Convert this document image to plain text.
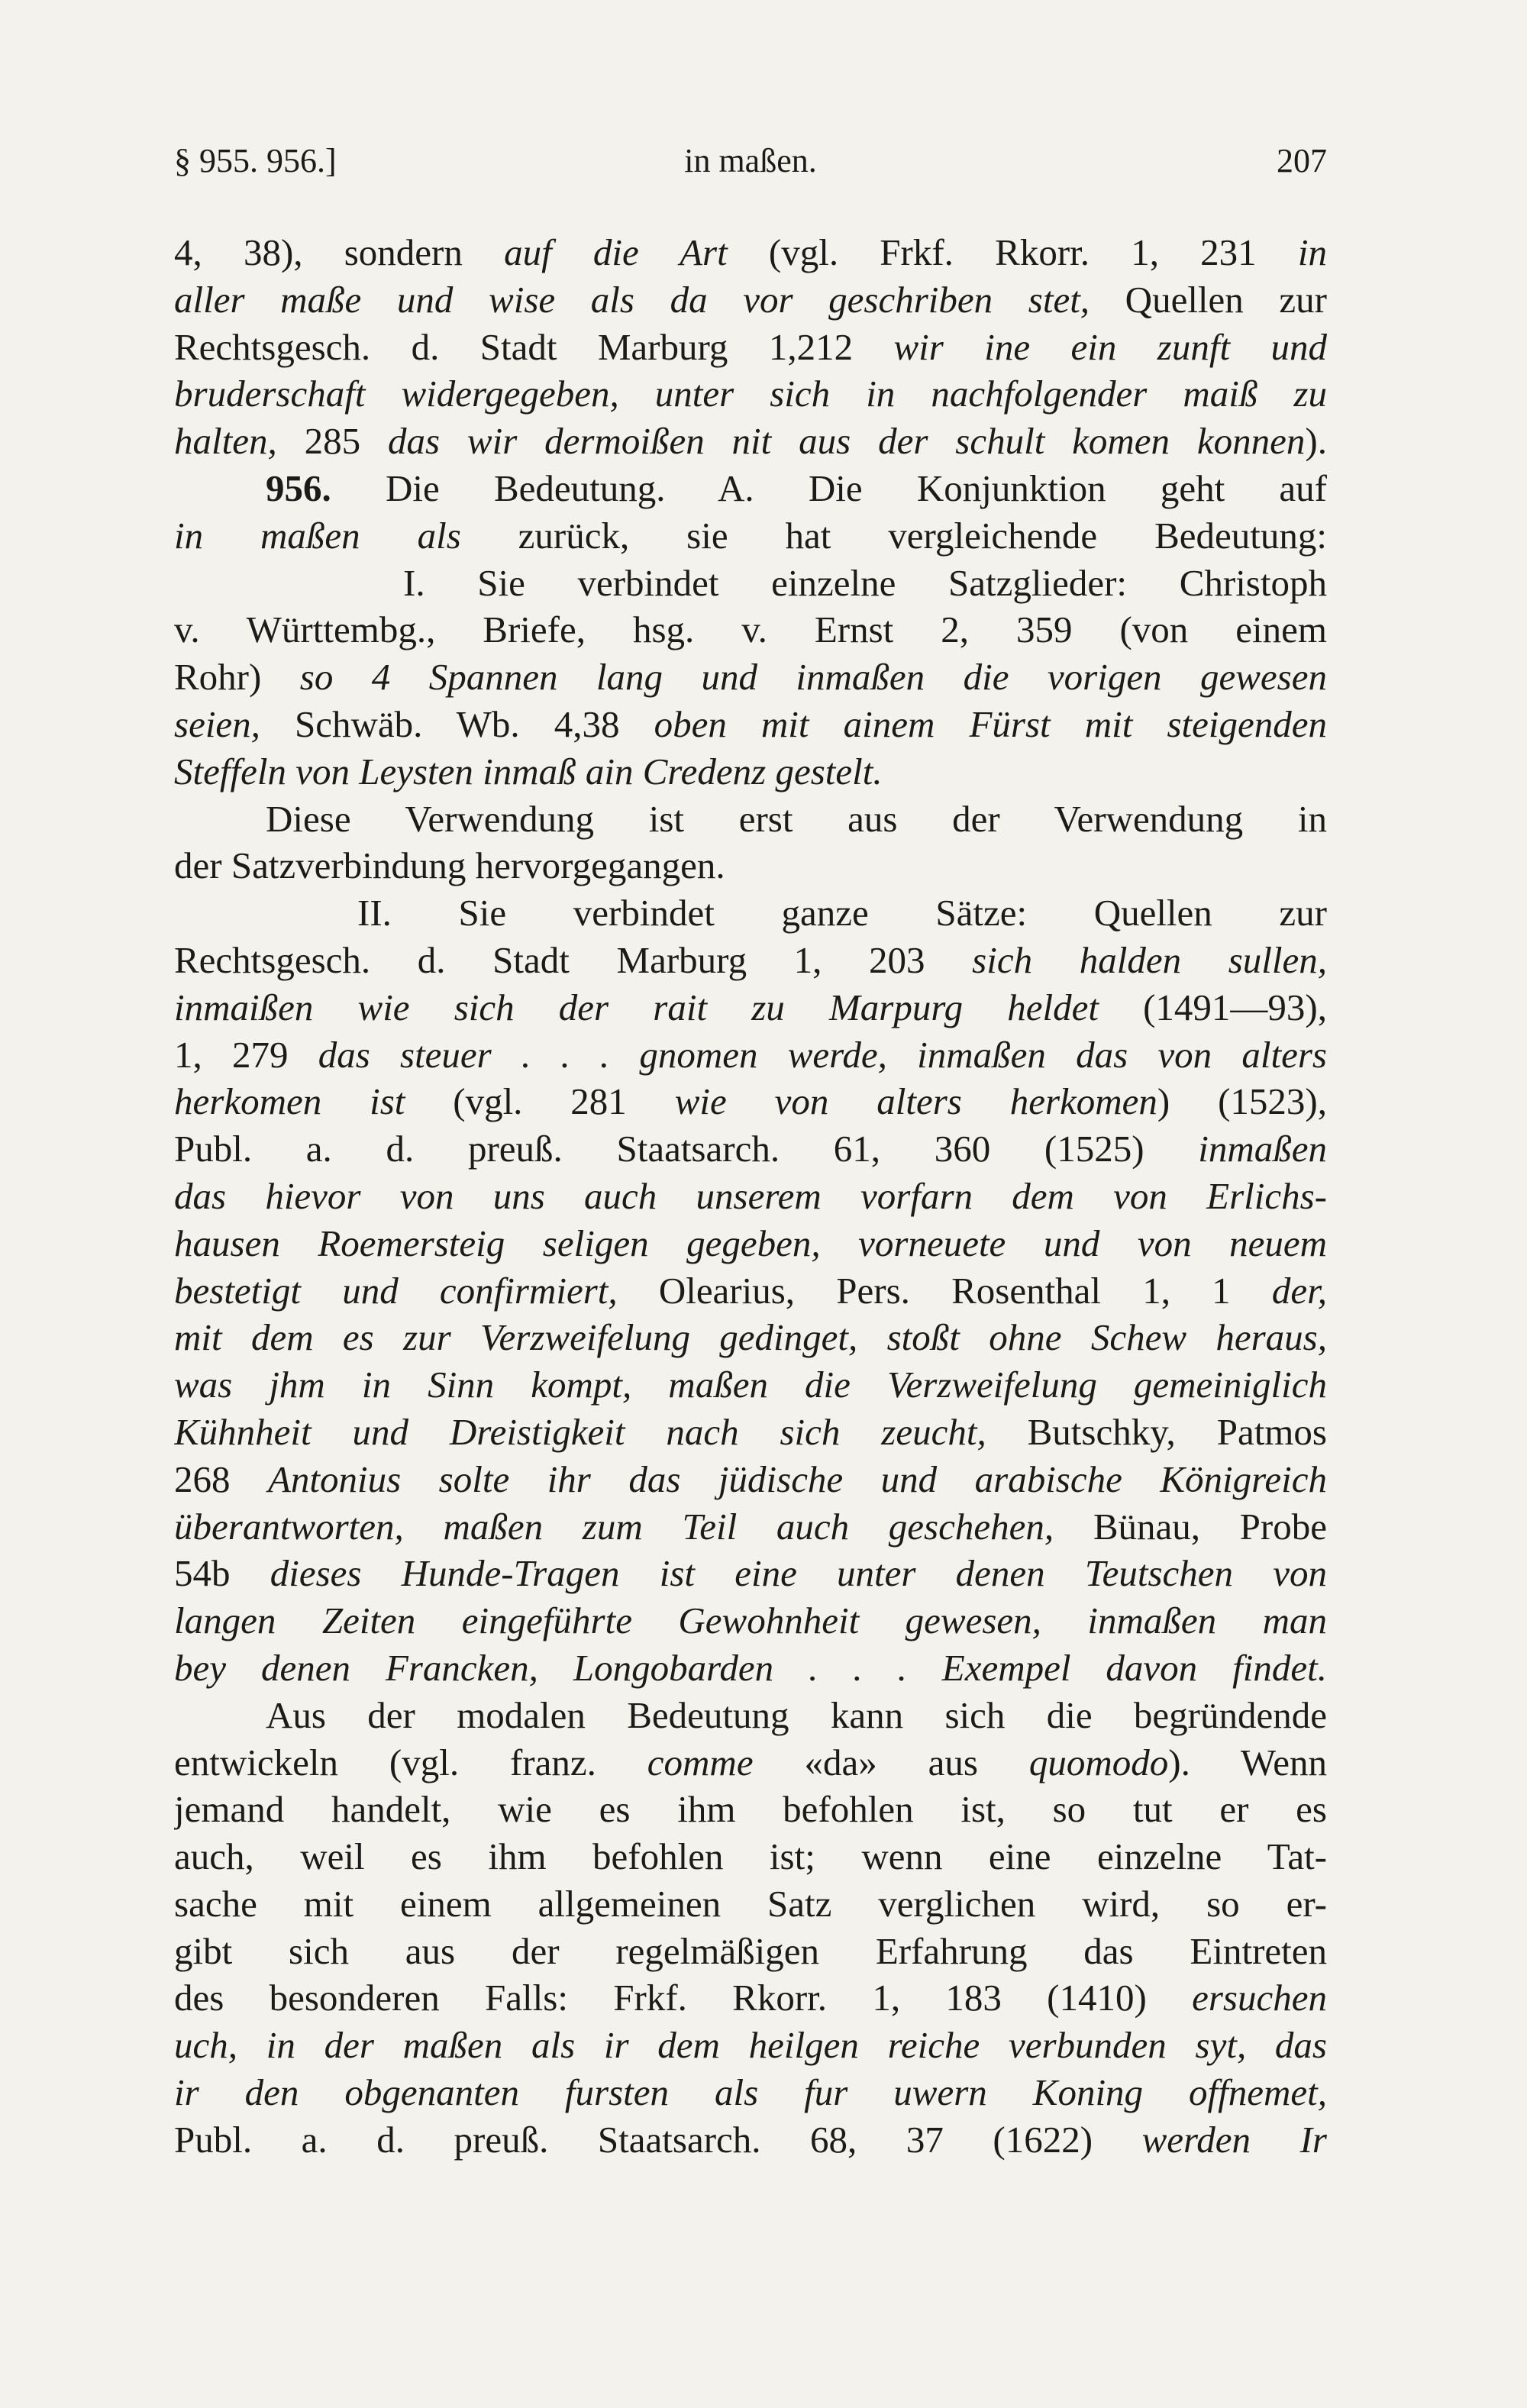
§ 955. 956.]	in maßen.	207
4, 38), sondern auf die Art (vgl. Frkf. Rkorr. 1, 231 in
aller maße und wise als da vor geschriben stet, Quellen zur
Rechtsgesch. d. Stadt Marburg 1,212 wir ine ein zunft und
bruderschaft widergegeben, unter sich in nachfolgender maiß zu
halten, 285 das wir dermoißen nit aus der schult komen konnen).
956. Die Bedeutung. A. Die Konjunktion geht auf
in maßen als zurück, sie hat vergleichende Bedeutung:
I. Sie verbindet einzelne Satzglieder: Christoph
v. Württembg., Briefe, hsg. v. Ernst 2, 359 (von einem
Rohr) so 4 Spannen lang und inmaßen die vorigen gewesen
seien, Schwäb. Wb. 4,38 oben mit ainem Fürst mit steigenden
Steffeln von Leysten inmaß ain Credenz gestelt.
Diese Verwendung ist erst aus der Verwendung in
der Satzverbindung hervorgegangen.
II. Sie verbindet ganze Sätze: Quellen zur
Rechtsgesch. d. Stadt Marburg 1, 203 sich halden sullen,
inmaißen wie sich der rait zu Marpurg heldet (1491—93),
1, 279 das steuer . . . gnomen werde, inmaßen das von alters
herkomen ist (vgl. 281 wie von alters herkomen) (1523),
Publ. a. d. preuß. Staatsarch. 61, 360 (1525) inmaßen
das hievor von uns auch unserem vorfarn dem von Erlichs-
hausen Roemersteig seligen gegeben, vorneuete und von neuem
bestetigt und confirmiert, Olearius, Pers. Rosenthal 1, 1 der,
mit dem es zur Verzweifelung gedinget, stoßt ohne Schew heraus,
was jhm in Sinn kompt, maßen die Verzweifelung gemeiniglich
Kühnheit und Dreistigkeit nach sich zeucht, Butschky, Patmos
268 Antonius solte ihr das jüdische und arabische Königreich
überantworten, maßen zum Teil auch geschehen, Bünau, Probe
54b dieses Hunde-Tragen ist eine unter denen Teutschen von
langen Zeiten eingeführte Gewohnheit gewesen, inmaßen man
bey denen Francken, Longobarden . . . Exempel davon findet.
Aus der modalen Bedeutung kann sich die begründende
entwickeln (vgl. franz. comme «da» aus quomodo). Wenn
jemand handelt, wie es ihm befohlen ist, so tut er es
auch, weil es ihm befohlen ist; wenn eine einzelne Tat-
sache mit einem allgemeinen Satz verglichen wird, so er-
gibt sich aus der regelmäßigen Erfahrung das Eintreten
des besonderen Falls: Frkf. Rkorr. 1, 183 (1410) ersuchen
uch, in der maßen als ir dem heilgen reiche verbunden syt, das
ir den obgenanten fursten als fur uwern Koning offnemet,
Publ. a. d. preuß. Staatsarch. 68, 37 (1622) werden Ir
